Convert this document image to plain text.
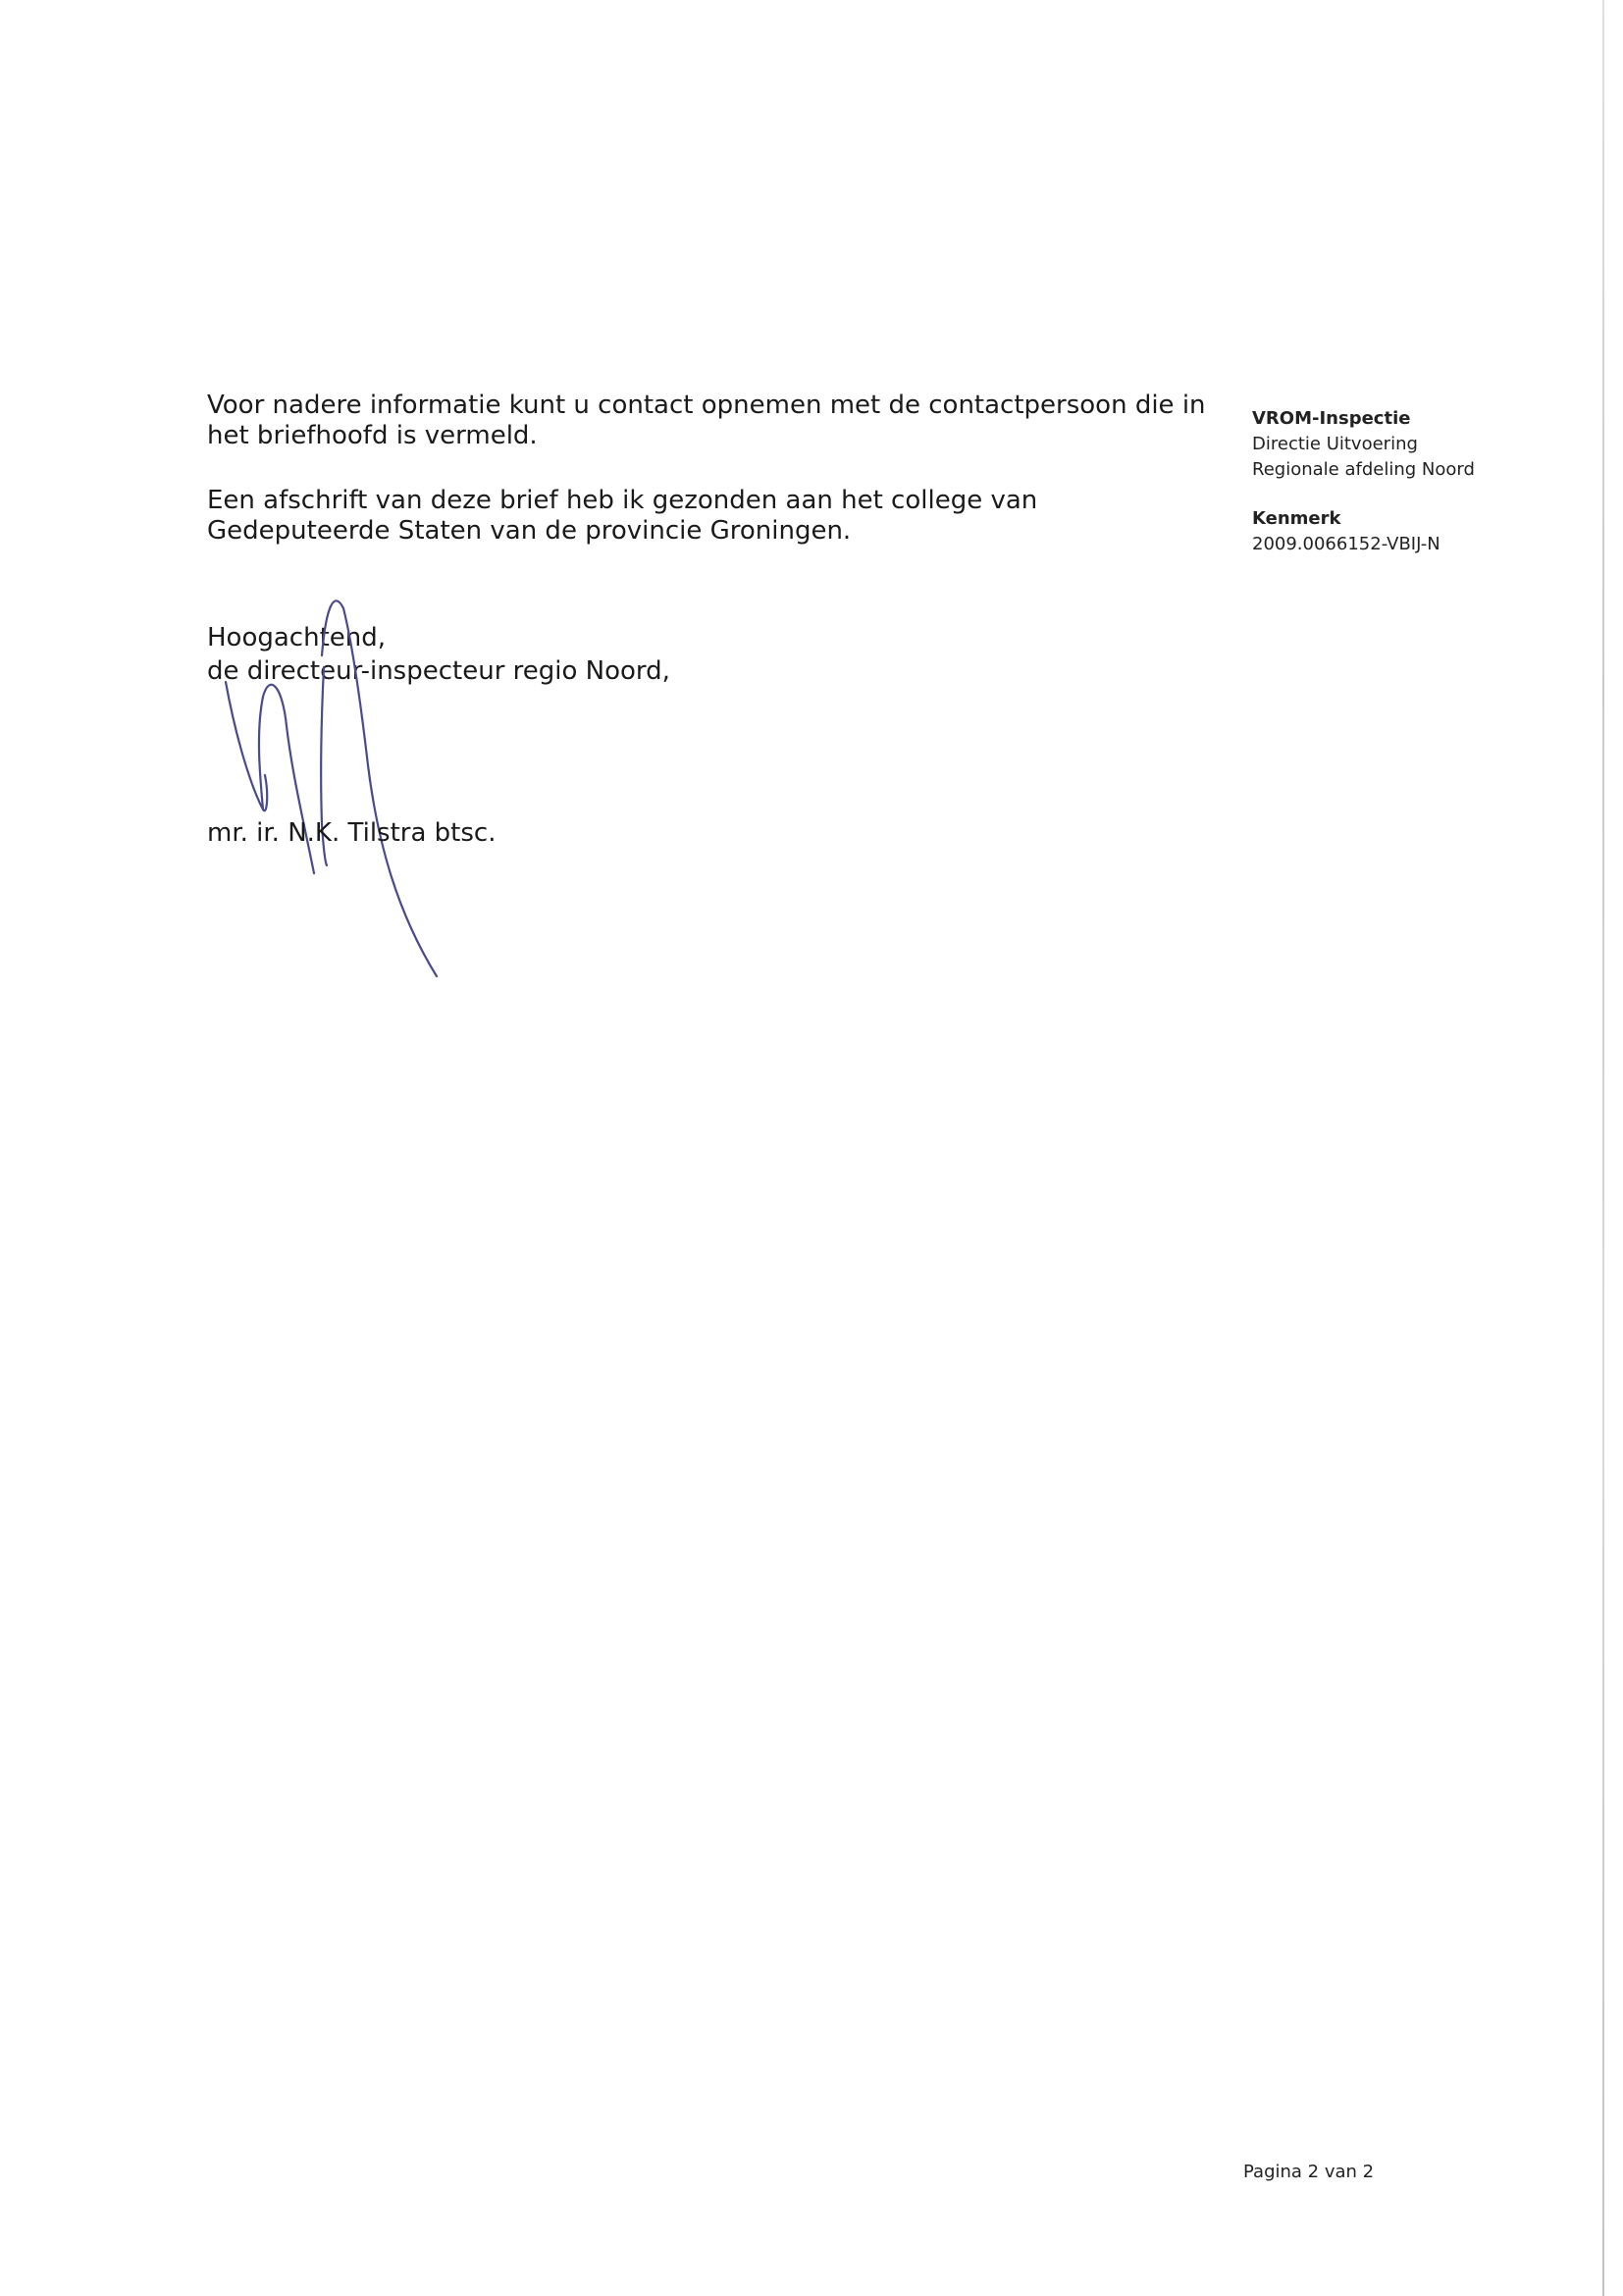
Voor nadere informatie kunt u contact opnemen met de contactpersoon die in het briefhoofd is vermeld.

Een afschrift van deze brief heb ik gezonden aan het college van Gedeputeerde Staten van de provincie Groningen.

Hoogachtend,
de directeur-inspecteur regio Noord,
mr. ir. N.K. Tilstra btsc.
VROM-Inspectie
Directie Uitvoering
Regionale afdeling Noord
Kenmerk
2009.0066152-VBIJ-N
Pagina 2 van 2
